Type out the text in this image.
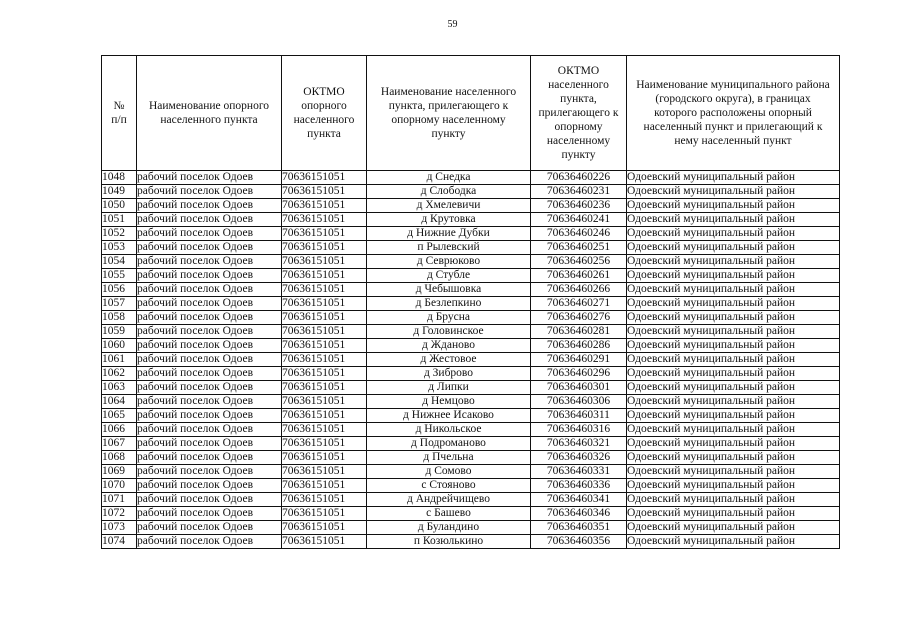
59
№ п/п	Наименование опорного населенного пункта	ОКТМО опорного населенного пункта	Наименование населенного пункта, прилегающего к опорному населенному пункту	ОКТМО населенного пункта, прилегающего к опорному населенному пункту	Наименование муниципального района (городского округа), в границах которого расположены опорный населенный пункт и прилегающий к нему населенный пункт
1048	рабочий поселок Одоев	70636151051	д Снедка	70636460226	Одоевский муниципальный район
1049	рабочий поселок Одоев	70636151051	д Слободка	70636460231	Одоевский муниципальный район
1050	рабочий поселок Одоев	70636151051	д Хмелевичи	70636460236	Одоевский муниципальный район
1051	рабочий поселок Одоев	70636151051	д Крутовка	70636460241	Одоевский муниципальный район
1052	рабочий поселок Одоев	70636151051	д Нижние Дубки	70636460246	Одоевский муниципальный район
1053	рабочий поселок Одоев	70636151051	п Рылевский	70636460251	Одоевский муниципальный район
1054	рабочий поселок Одоев	70636151051	д Севрюково	70636460256	Одоевский муниципальный район
1055	рабочий поселок Одоев	70636151051	д Стубле	70636460261	Одоевский муниципальный район
1056	рабочий поселок Одоев	70636151051	д Чебышовка	70636460266	Одоевский муниципальный район
1057	рабочий поселок Одоев	70636151051	д Безлепкино	70636460271	Одоевский муниципальный район
1058	рабочий поселок Одоев	70636151051	д Брусна	70636460276	Одоевский муниципальный район
1059	рабочий поселок Одоев	70636151051	д Головинское	70636460281	Одоевский муниципальный район
1060	рабочий поселок Одоев	70636151051	д Жданово	70636460286	Одоевский муниципальный район
1061	рабочий поселок Одоев	70636151051	д Жестовое	70636460291	Одоевский муниципальный район
1062	рабочий поселок Одоев	70636151051	д Зиброво	70636460296	Одоевский муниципальный район
1063	рабочий поселок Одоев	70636151051	д Липки	70636460301	Одоевский муниципальный район
1064	рабочий поселок Одоев	70636151051	д Немцово	70636460306	Одоевский муниципальный район
1065	рабочий поселок Одоев	70636151051	д Нижнее Исаково	70636460311	Одоевский муниципальный район
1066	рабочий поселок Одоев	70636151051	д Никольское	70636460316	Одоевский муниципальный район
1067	рабочий поселок Одоев	70636151051	д Подроманово	70636460321	Одоевский муниципальный район
1068	рабочий поселок Одоев	70636151051	д Пчельна	70636460326	Одоевский муниципальный район
1069	рабочий поселок Одоев	70636151051	д Сомово	70636460331	Одоевский муниципальный район
1070	рабочий поселок Одоев	70636151051	с Стояново	70636460336	Одоевский муниципальный район
1071	рабочий поселок Одоев	70636151051	д Андрейчищево	70636460341	Одоевский муниципальный район
1072	рабочий поселок Одоев	70636151051	с Башево	70636460346	Одоевский муниципальный район
1073	рабочий поселок Одоев	70636151051	д Буландино	70636460351	Одоевский муниципальный район
1074	рабочий поселок Одоев	70636151051	п Козюлькино	70636460356	Одоевский муниципальный район
